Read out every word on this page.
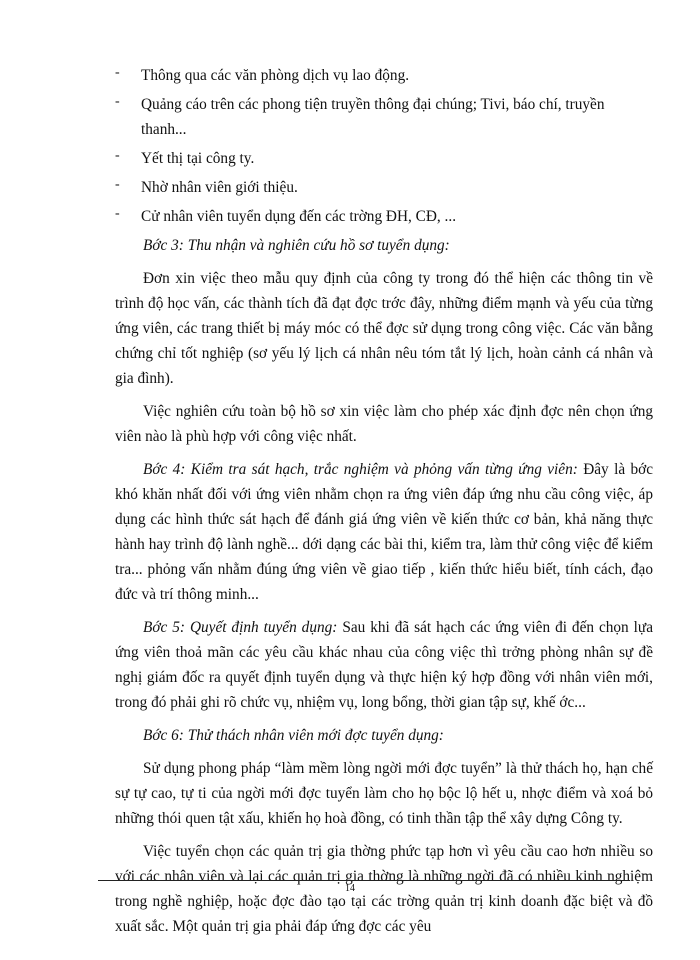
- Thông qua các văn phòng dịch vụ lao động.
- Quảng cáo trên các phong tiện truyền thông đại chúng; Tivi, báo chí, truyền thanh...
- Yết thị tại công ty.
- Nhờ nhân viên giới thiệu.
- Cử nhân viên tuyển dụng đến các trờng ĐH, CĐ, ...

Bớc 3: Thu nhận và nghiên cứu hồ sơ tuyển dụng:

Đơn xin việc theo mẫu quy định của công ty trong đó thể hiện các thông tin về trình độ học vấn, các thành tích đã đạt đợc trớc đây, những điểm mạnh và yếu của từng ứng viên, các trang thiết bị máy móc có thể đợc sử dụng trong công việc. Các văn bằng chứng chỉ tốt nghiệp (sơ yếu lý lịch cá nhân nêu tóm tắt lý lịch, hoàn cảnh cá nhân và gia đình).

Việc nghiên cứu toàn bộ hồ sơ xin việc làm cho phép xác định đợc nên chọn ứng viên nào là phù hợp với công việc nhất.

Bớc 4: Kiểm tra sát hạch, trắc nghiệm và phỏng vấn từng ứng viên: Đây là bớc khó khăn nhất đối với ứng viên nhằm chọn ra ứng viên đáp ứng nhu cầu công việc, áp dụng các hình thức sát hạch để đánh giá ứng viên về kiến thức cơ bản, khả năng thực hành hay trình độ lành nghề... dới dạng các bài thi, kiểm tra, làm thử công việc để kiểm tra... phỏng vấn nhằm đúng ứng viên về giao tiếp , kiến thức hiểu biết, tính cách, đạo đức và trí thông minh...

Bớc 5: Quyết định tuyển dụng: Sau khi đã sát hạch các ứng viên đi đến chọn lựa ứng viên thoả mãn các yêu cầu khác nhau của công việc thì trởng phòng nhân sự đề nghị giám đốc ra quyết định tuyển dụng và thực hiện ký hợp đồng với nhân viên mới, trong đó phải ghi rõ chức vụ, nhiệm vụ, long bổng, thời gian tập sự, khế ớc...

Bớc 6: Thử thách nhân viên mới đợc tuyển dụng:

Sử dụng phong pháp “làm mềm lòng ngời mới đợc tuyển” là thử thách họ, hạn chế sự tự cao, tự ti của ngời mới đợc tuyển làm cho họ bộc lộ hết u, nhợc điểm và xoá bỏ những thói quen tật xấu, khiến họ hoà đồng, có tinh thần tập thể xây dựng Công ty.

Việc tuyển chọn các quản trị gia thờng phức tạp hơn vì yêu cầu cao hơn nhiều so với các nhân viên và lại các quản trị gia thờng là những ngời đã có nhiều kinh nghiệm trong nghề nghiệp, hoặc đợc đào tạo tại các trờng quản trị kinh doanh đặc biệt và đồ xuất sắc. Một quản trị gia phải đáp ứng đợc các yêu

14
